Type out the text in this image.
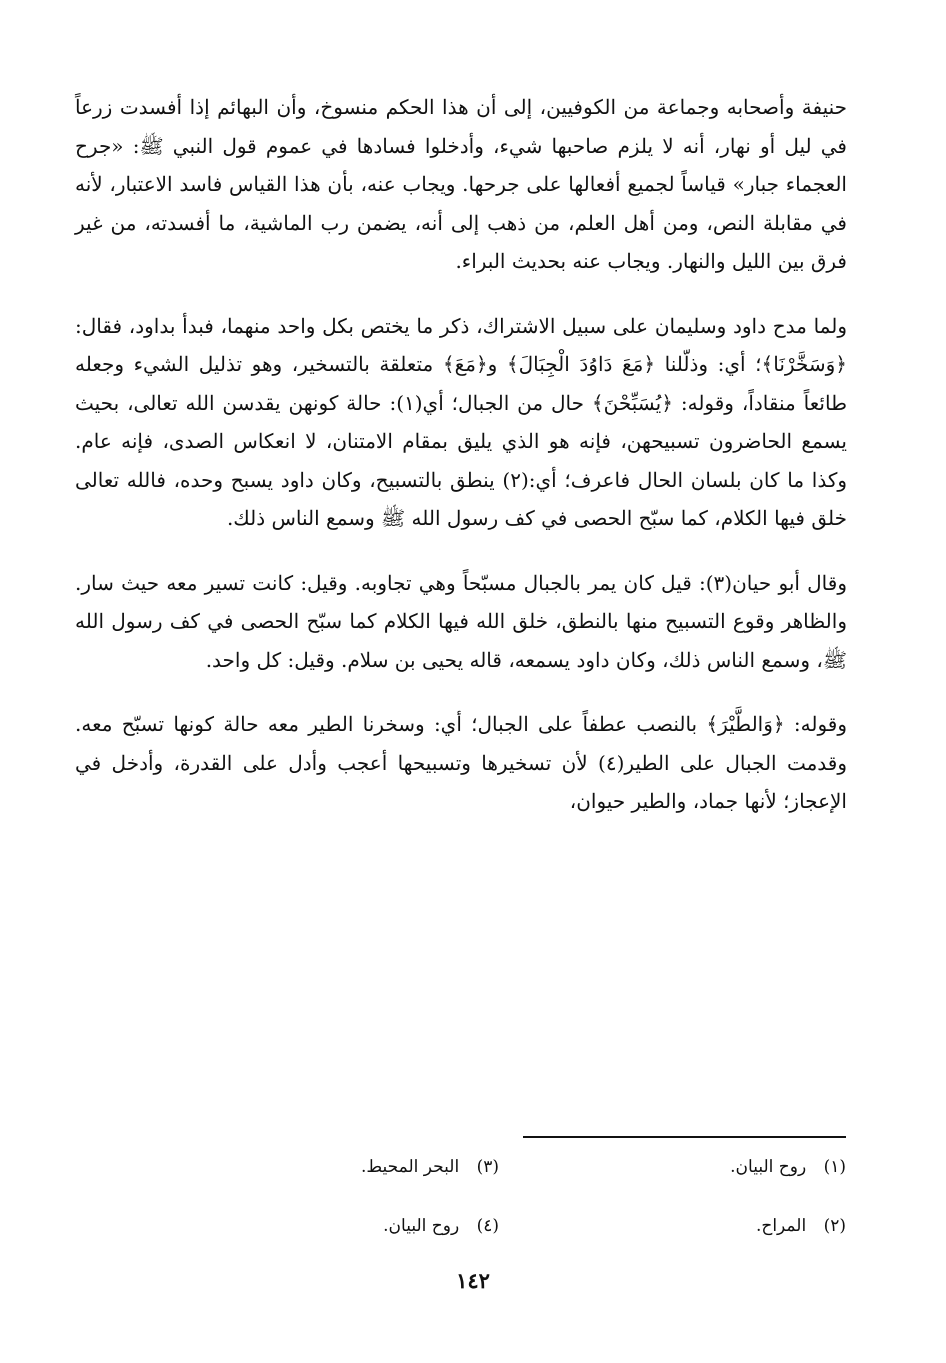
حنيفة وأصحابه وجماعة من الكوفيين، إلى أن هذا الحكم منسوخ، وأن البهائم إذا أفسدت زرعاً في ليل أو نهار، أنه لا يلزم صاحبها شيء، وأدخلوا فسادها في عموم قول النبي ﷺ: «جرح العجماء جبار» قياساً لجميع أفعالها على جرحها. ويجاب عنه، بأن هذا القياس فاسد الاعتبار، لأنه في مقابلة النص، ومن أهل العلم، من ذهب إلى أنه، يضمن رب الماشية، ما أفسدته، من غير فرق بين الليل والنهار. ويجاب عنه بحديث البراء.

ولما مدح داود وسليمان على سبيل الاشتراك، ذكر ما يختص بكل واحد منهما، فبدأ بداود، فقال: ﴿وَسَخَّرْنَا﴾؛ أي: وذلّلنا ﴿مَعَ دَاوُدَ الْجِبَالَ﴾ و﴿مَعَ﴾ متعلقة بالتسخير، وهو تذليل الشيء وجعله طائعاً منقاداً، وقوله: ﴿يُسَبِّحْنَ﴾ حال من الجبال؛ أي(١): حالة كونهن يقدسن الله تعالى، بحيث يسمع الحاضرون تسبيحهن، فإنه هو الذي يليق بمقام الامتنان، لا انعكاس الصدى، فإنه عام. وكذا ما كان بلسان الحال فاعرف؛ أي:(٢) ينطق بالتسبيح، وكان داود يسبح وحده، فالله تعالى خلق فيها الكلام، كما سبّح الحصى في كف رسول الله ﷺ وسمع الناس ذلك.

وقال أبو حيان(٣): قيل كان يمر بالجبال مسبّحاً وهي تجاوبه. وقيل: كانت تسير معه حيث سار. والظاهر وقوع التسبيح منها بالنطق، خلق الله فيها الكلام كما سبّح الحصى في كف رسول الله ﷺ، وسمع الناس ذلك، وكان داود يسمعه، قاله يحيى بن سلام. وقيل: كل واحد.

وقوله: ﴿وَالطَّيْرَ﴾ بالنصب عطفاً على الجبال؛ أي: وسخرنا الطير معه حالة كونها تسبّح معه. وقدمت الجبال على الطير(٤) لأن تسخيرها وتسبيحها أعجب وأدل على القدرة، وأدخل في الإعجاز؛ لأنها جماد، والطير حيوان،

(١) روح البيان.
(٢) المراح.
(٣) البحر المحيط.
(٤) روح البيان.
١٤٢
